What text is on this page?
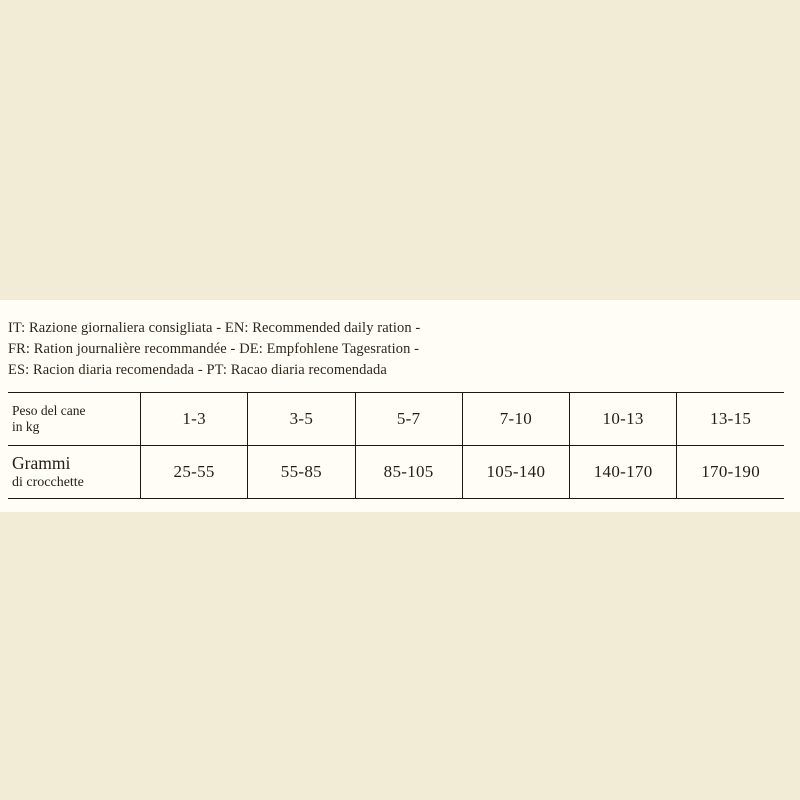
IT: Razione giornaliera consigliata - EN: Recommended daily ration -
FR: Ration journalière recommandée - DE: Empfohlene Tagesration -
ES: Racion diaria recomendada - PT: Racao diaria recomendada
Peso del cane
in kg	1-3	3-5	5-7	7-10	10-13	13-15

Grammi
di crocchette	25-55	55-85	85-105	105-140	140-170	170-190
